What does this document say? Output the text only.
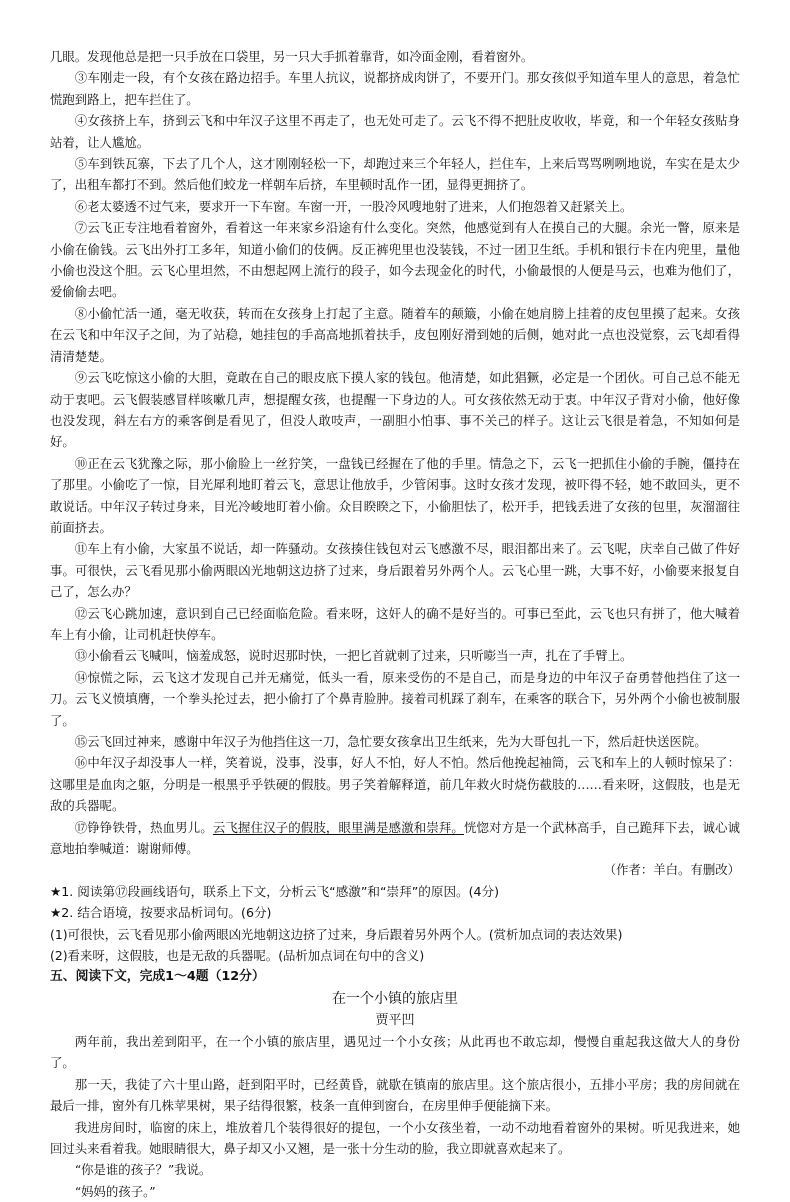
几眼。发现他总是把一只手放在口袋里，另一只大手抓着靠背，如冷面金刚，看着窗外。

③车刚走一段，有个女孩在路边招手。车里人抗议，说都挤成肉饼了，不要开门。那女孩似乎知道车里人的意思，着急忙慌跑到路上，把车拦住了。

④女孩挤上车，挤到云飞和中年汉子这里不再走了，也无处可走了。云飞不得不把肚皮收收，毕竟，和一个年轻女孩贴身站着，让人尴尬。

⑤车到铁瓦寨，下去了几个人，这才刚刚轻松一下，却跑过来三个年轻人，拦住车，上来后骂骂咧咧地说，车实在是太少了，出租车都打不到。然后他们蛟龙一样朝车后挤，车里顿时乱作一团，显得更拥挤了。

⑥老太婆透不过气来，要求开一下车窗。车窗一开，一股冷风嗖地射了进来，人们抱怨着又赶紧关上。

⑦云飞正专注地看着窗外，看着这一年来家乡沿途有什么变化。突然，他感觉到有人在摸自己的大腿。余光一瞥，原来是小偷在偷钱。云飞出外打工多年，知道小偷们的伎俩。反正裤兜里也没装钱，不过一团卫生纸。手机和银行卡在内兜里，量他小偷也没这个胆。云飞心里坦然，不由想起网上流行的段子，如今去现金化的时代，小偷最恨的人便是马云，也难为他们了，爱偷偷去吧。

⑧小偷忙活一通，毫无收获，转而在女孩身上打起了主意。随着车的颠簸，小偷在她肩膀上挂着的皮包里摸了起来。女孩在云飞和中年汉子之间，为了站稳，她挂包的手高高地抓着扶手，皮包刚好滑到她的后侧，她对此一点也没觉察，云飞却看得清清楚楚。

⑨云飞吃惊这小偷的大胆，竟敢在自己的眼皮底下摸人家的钱包。他清楚，如此猖獗，必定是一个团伙。可自己总不能无动于衷吧。云飞假装感冒样咳嗽几声，想提醒女孩，也提醒一下身边的人。可女孩依然无动于衷。中年汉子背对小偷，他好像也没发现，斜左右方的乘客倒是看见了，但没人敢吱声，一副胆小怕事、事不关己的样子。这让云飞很是着急，不知如何是好。

⑩正在云飞犹豫之际，那小偷脸上一丝狞笑，一盘钱已经握在了他的手里。情急之下，云飞一把抓住小偷的手腕，僵持在了那里。小偷吃了一惊，目光犀利地盯着云飞，意思让他放手，少管闲事。这时女孩才发现，被吓得不轻，她不敢回头，更不敢说话。中年汉子转过身来，目光冷峻地盯着小偷。众目睽睽之下，小偷胆怯了，松开手，把钱丢进了女孩的包里，灰溜溜往前面挤去。

⑪车上有小偷，大家虽不说话，却一阵骚动。女孩揍住钱包对云飞感激不尽，眼泪都出来了。云飞呢，庆幸自己做了件好事。可很快，云飞看见那小偷两眼凶光地朝这边挤了过来，身后跟着另外两个人。云飞心里一跳，大事不好，小偷要来报复自己了，怎么办？

⑫云飞心跳加速，意识到自己已经面临危险。看来呀，这奸人的确不是好当的。可事已至此，云飞也只有拼了，他大喊着车上有小偷，让司机赶快停车。

⑬小偷看云飞喊叫，恼羞成怒，说时迟那时快，一把匕首就刺了过来，只听嘭当一声，扎在了手臂上。

⑭惊慌之际，云飞这才发现自己并无痛觉，低头一看，原来受伤的不是自己，而是身边的中年汉子奋勇替他挡住了这一刀。云飞义愤填膺，一个拳头抡过去，把小偷打了个鼻青脸肿。接着司机踩了刹车，在乘客的联合下，另外两个小偷也被制服了。

⑮云飞回过神来，感谢中年汉子为他挡住这一刀，急忙要女孩拿出卫生纸来，先为大哥包扎一下，然后赶快送医院。

⑯中年汉子却没事人一样，笑着说，没事，没事，好人不怕，好人不怕。然后他挽起袖筒，云飞和车上的人顿时惊呆了：这哪里是血肉之躯，分明是一根黑乎乎铁硬的假肢。男子笑着解释道，前几年救火时烧伤截肢的……看来呀，这假肢，也是无敌的兵器呢。

⑰铮铮铁骨，热血男儿。云飞握住汉子的假肢，眼里满是感激和崇拜。恍惚对方是一个武林高手，自己跪拜下去，诚心诚意地拍拳喊道：谢谢师傅。

（作者：羊白。有删改）
★1. 阅读第⑰段画线语句，联系上下文，分析云飞“感激”和“崇拜”的原因。(4分)
★2. 结合语境，按要求品析词句。(6分)
(1)可很快，云飞看见那小偷两眼凶光地朝这边挤了过来，身后跟着另外两个人。(赏析加点词的表达效果)
(2)看来呀，这假肢，也是无敌的兵器呢。(品析加点词在句中的含义)
五、阅读下文，完成1～4题（12分）
在一个小镇的旅店里
贾平凹

两年前，我出差到阳平，在一个小镇的旅店里，遇见过一个小女孩；从此再也不敢忘却，慢慢自重起我这做大人的身份了。

那一天，我徒了六十里山路，赶到阳平时，已经黄昏，就歇在镇南的旅店里。这个旅店很小，五排小平房；我的房间就在最后一排，窗外有几株苹果树，果子结得很繁，枝条一直伸到窗台，在房里伸手便能摘下来。

我进房间时，临窗的床上，堆放着几个装得很好的提包，一个小女孩坐着，一动不动地看着窗外的果树。听见我进来，她回过头来看着我。她眼睛很大，鼻子却又小又翘，是一张十分生动的脸，我立即就喜欢起来了。

“你是谁的孩子？”我说。

“妈妈的孩子。”
